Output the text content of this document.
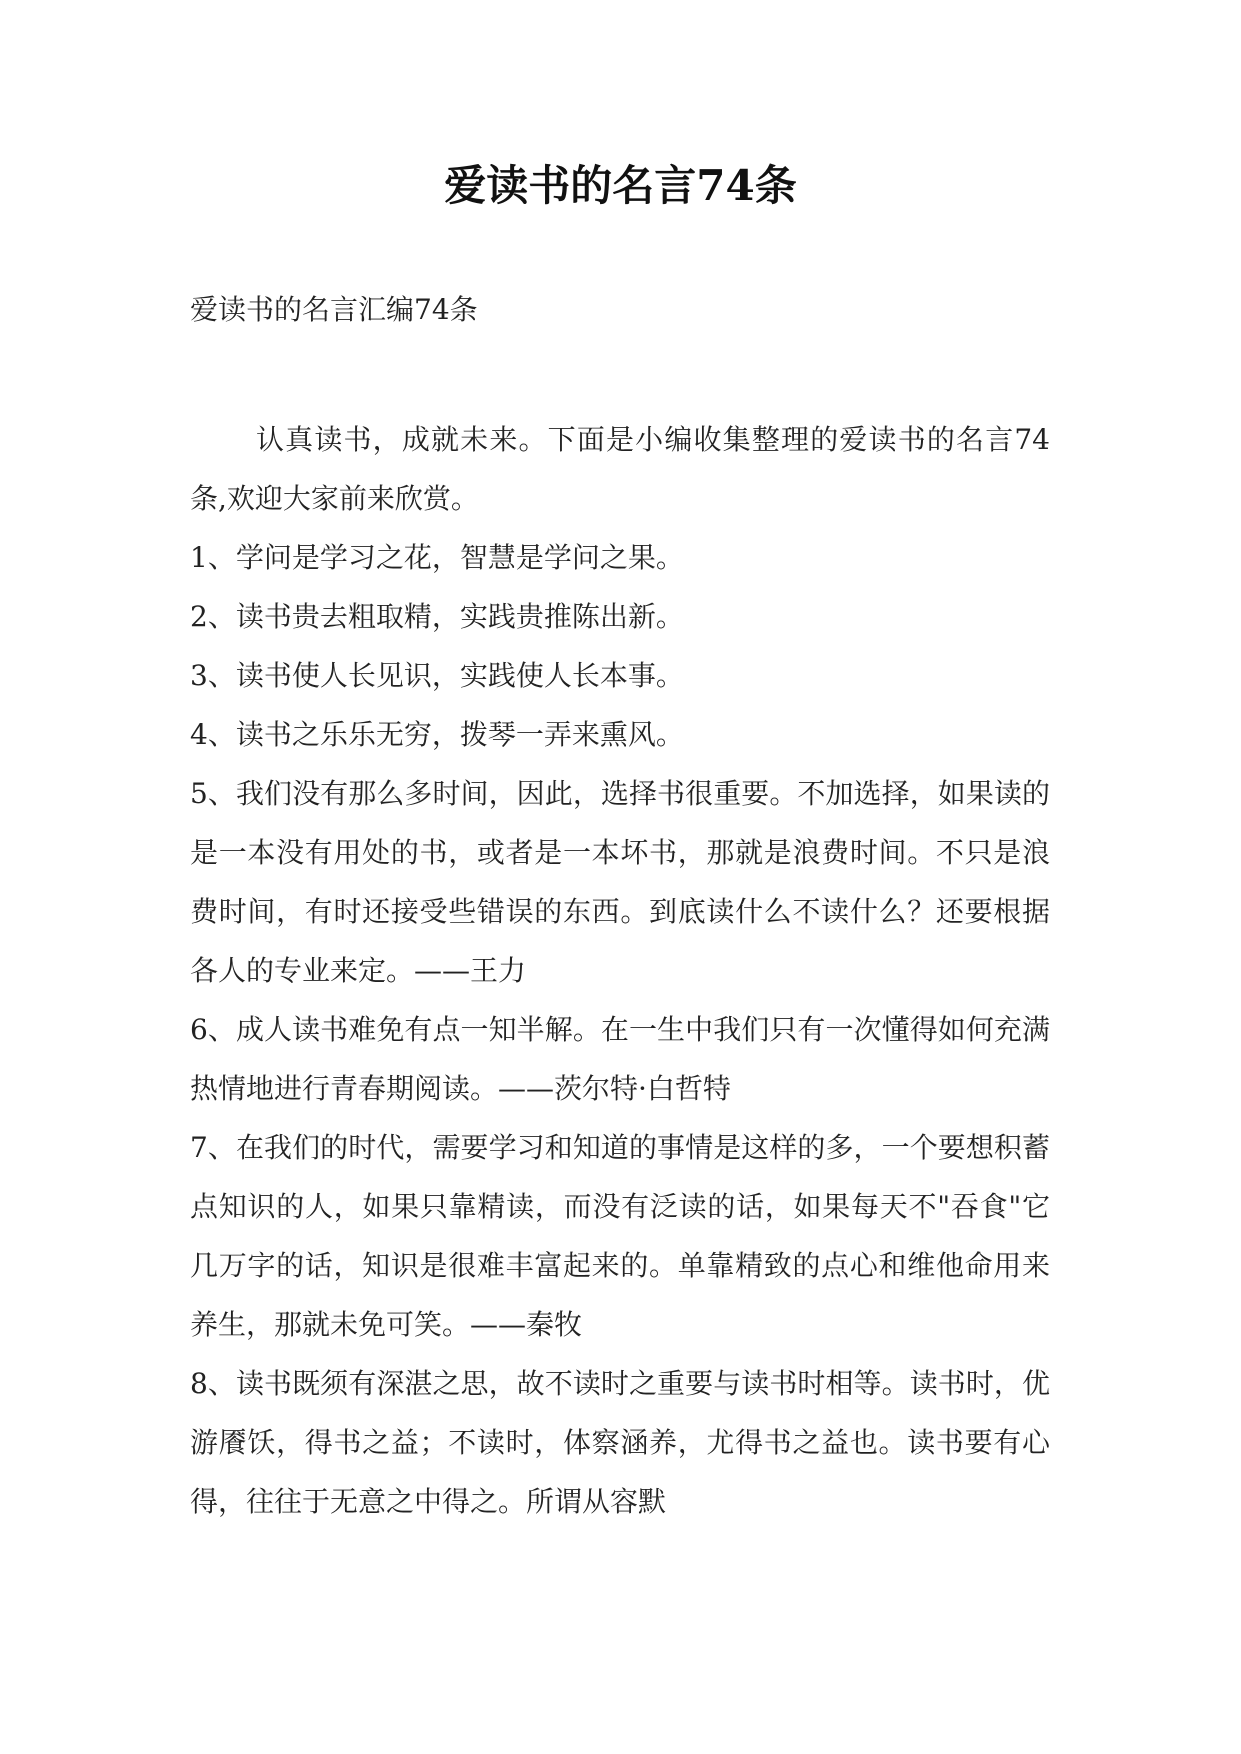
爱读书的名言74条
爱读书的名言汇编74条

认真读书，成就未来。下面是小编收集整理的爱读书的名言74条,欢迎大家前来欣赏。

1、学问是学习之花，智慧是学问之果。

2、读书贵去粗取精，实践贵推陈出新。

3、读书使人长见识，实践使人长本事。

4、读书之乐乐无穷，拨琴一弄来熏风。

5、我们没有那么多时间，因此，选择书很重要。不加选择，如果读的是一本没有用处的书，或者是一本坏书，那就是浪费时间。不只是浪费时间，有时还接受些错误的东西。到底读什么不读什么？还要根据各人的专业来定。——王力

6、成人读书难免有点一知半解。在一生中我们只有一次懂得如何充满热情地进行青春期阅读。——茨尔特·白哲特

7、在我们的时代，需要学习和知道的事情是这样的多，一个要想积蓄点知识的人，如果只靠精读，而没有泛读的话，如果每天不"吞食"它几万字的话，知识是很难丰富起来的。单靠精致的点心和维他命用来养生，那就未免可笑。——秦牧

8、读书既须有深湛之思，故不读时之重要与读书时相等。读书时，优游餍饫，得书之益；不读时，体察涵养，尤得书之益也。读书要有心得，往往于无意之中得之。所谓从容默
